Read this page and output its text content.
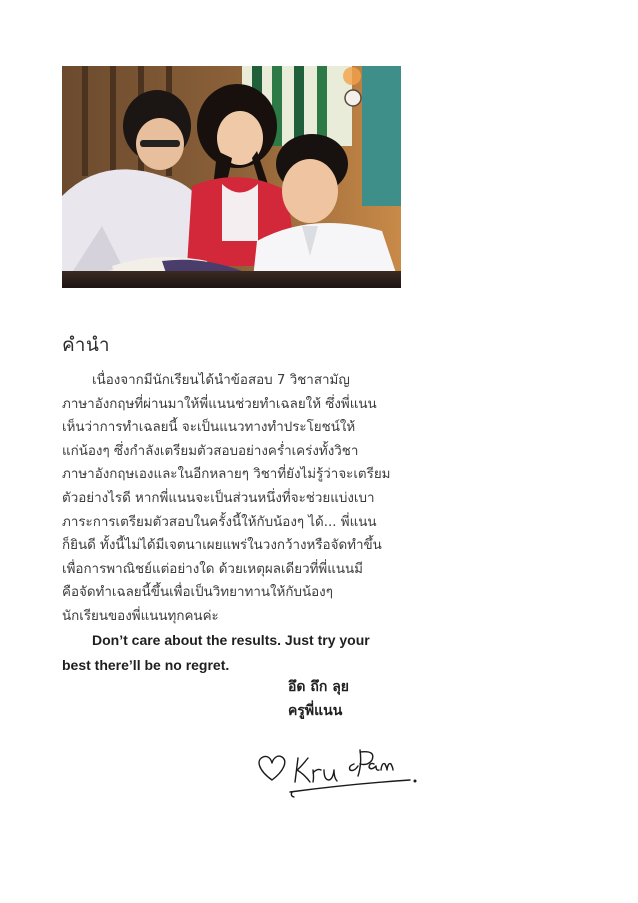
คำนำ
เนื่องจากมีนักเรียนได้นำข้อสอบ 7 วิชาสามัญ
ภาษาอังกฤษที่ผ่านมาให้พี่แนนช่วยทำเฉลยให้ ซึ่งพี่แนน
เห็นว่าการทำเฉลยนี้ จะเป็นแนวทางทำประโยชน์ให้
แก่น้องๆ ซึ่งกำลังเตรียมตัวสอบอย่างคร่ำเคร่งทั้งวิชา
ภาษาอังกฤษเองและในอีกหลายๆ วิชาที่ยังไม่รู้ว่าจะเตรียม
ตัวอย่างไรดี หากพี่แนนจะเป็นส่วนหนึ่งที่จะช่วยแบ่งเบา
ภาระการเตรียมตัวสอบในครั้งนี้ให้กับน้องๆ ได้... พี่แนน
ก็ยินดี ทั้งนี้ไม่ได้มีเจตนาเผยแพร่ในวงกว้างหรือจัดทำขึ้น
เพื่อการพาณิชย์แต่อย่างใด ด้วยเหตุผลเดียวที่พี่แนนมี
คือจัดทำเฉลยนี้ขึ้นเพื่อเป็นวิทยาทานให้กับน้องๆ
นักเรียนของพี่แนนทุกคนค่ะ
Don’t care about the results. Just try your
best there’ll be no regret.
อึด ถึก ลุย
ครูพี่แนน
